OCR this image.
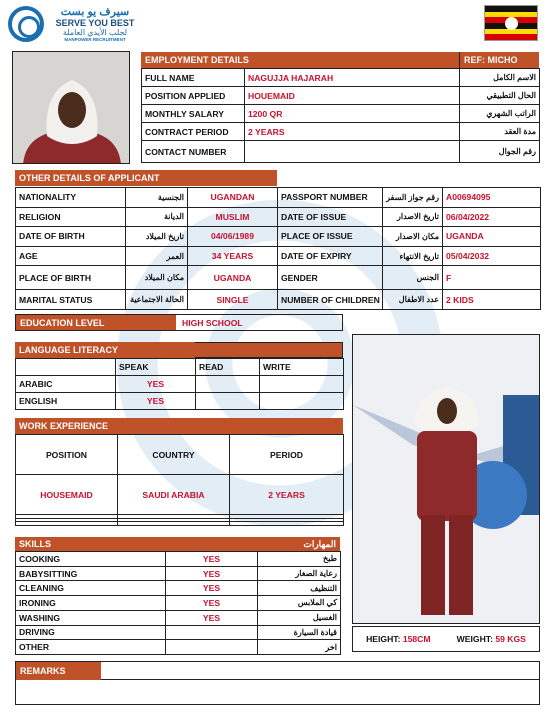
سيرف يو بست
SERVE YOU BEST
لجلب الأيدي العاملة
MANPOWER RECRUITMENT
EMPLOYMENT DETAILS	REF: MICHO
FULL NAME	NAGUJJA HAJARAH	الاسم الكامل
POSITION APPLIED	HOUEMAID	الحال التطبيقي
MONTHLY SALARY	1200 QR	الراتب الشهري
CONTRACT PERIOD	2 YEARS	مدة العقد
CONTACT NUMBER		رقم الجوال
OTHER DETAILS OF APPLICANT
NATIONALITY	الجنسية	UGANDAN	PASSPORT NUMBER	رقم جواز السفر	A00694095
RELIGION	الديانة	MUSLIM	DATE OF ISSUE	تاريخ الاصدار	06/04/2022
DATE OF BIRTH	تاريخ الميلاد	04/06/1989	PLACE OF ISSUE	مكان الاصدار	UGANDA
AGE	العمر	34 YEARS	DATE OF EXPIRY	تاريخ الانتهاء	05/04/2032
PLACE OF BIRTH	مكان الميلاد	UGANDA	GENDER	الجنس	F
MARITAL STATUS	الحالة الاجتماعية	SINGLE	NUMBER OF CHILDREN	عدد الاطفال	2 KIDS
EDUCATION LEVEL	HIGH SCHOOL
LANGUAGE LITERACY
	SPEAK	READ	WRITE
ARABIC	YES		
ENGLISH	YES		
WORK EXPERIENCE
POSITION	COUNTRY	PERIOD
HOUSEMAID	SAUDI ARABIA	2 YEARS

SKILLS	المهارات
COOKING	YES	طبخ
BABYSITTING	YES	رعاية الصغار
CLEANING	YES	التنظيف
IRONING	YES	كي الملابس
WASHING	YES	الغسيل
DRIVING		قيادة السيارة
OTHER		اخر
HEIGHT: 158CM	WEIGHT: 59 KGS
REMARKS
